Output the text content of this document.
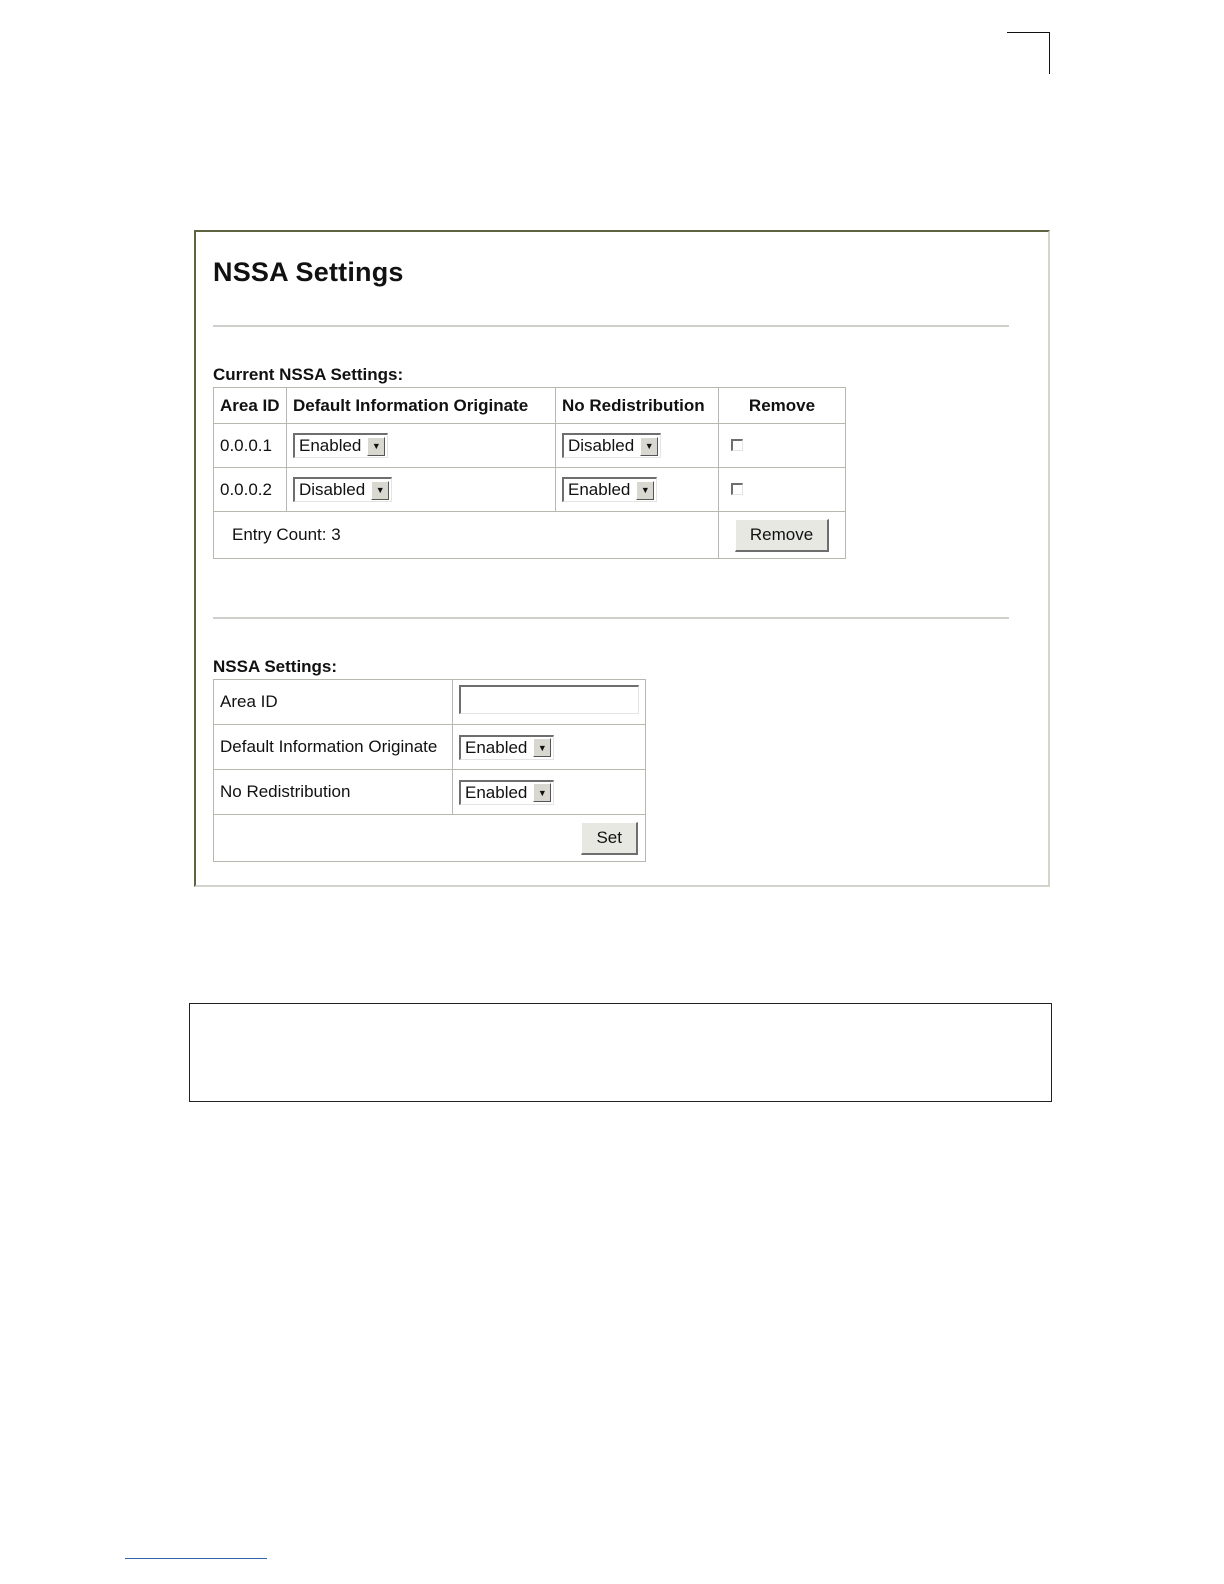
NSSA Settings
Current NSSA Settings:
Area ID	Default Information Originate	No Redistribution	Remove
0.0.0.1	Enabled ▼	Disabled ▼	

0.0.0.2	Disabled ▼	Enabled ▼	

Entry Count: 3			Remove
NSSA Settings:
Area ID	
Default Information Originate	Enabled ▼

No Redistribution	Enabled ▼

Set	
